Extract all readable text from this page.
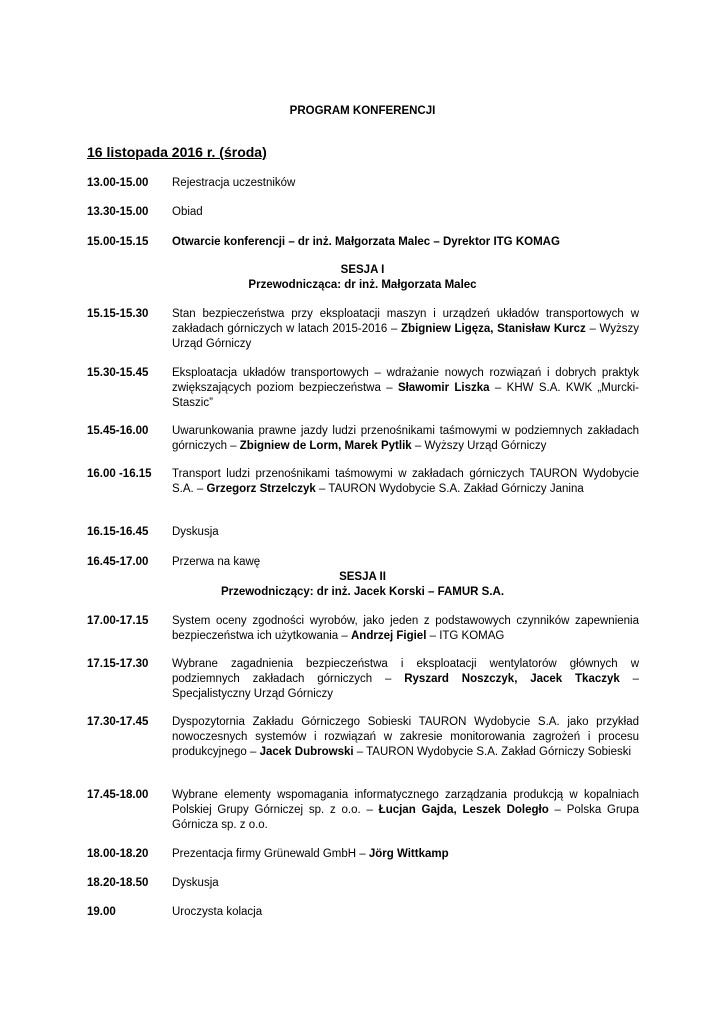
PROGRAM KONFERENCJI
16 listopada 2016 r. (środa)
SESJA I
Przewodnicząca: dr inż. Małgorzata Malec
SESJA II
Przewodniczący: dr inż. Jacek Korski – FAMUR S.A.
13.00-15.00	Rejestracja uczestników
13.30-15.00	Obiad
15.00-15.15	Otwarcie konferencji – dr inż. Małgorzata Malec – Dyrektor ITG KOMAG
15.15-15.30	Stan bezpieczeństwa przy eksploatacji maszyn i urządzeń układów transportowych w zakładach górniczych w latach 2015-2016 – Zbigniew Ligęza, Stanisław Kurcz – Wyższy Urząd Górniczy
15.30-15.45	Eksploatacja układów transportowych – wdrażanie nowych rozwiązań i dobrych praktyk zwiększających poziom bezpieczeństwa – Sławomir Liszka – KHW S.A. KWK „Murcki-Staszic”
15.45-16.00	Uwarunkowania prawne jazdy ludzi przenośnikami taśmowymi w podziemnych zakładach górniczych – Zbigniew de Lorm, Marek Pytlik – Wyższy Urząd Górniczy
16.00 -16.15	Transport ludzi przenośnikami taśmowymi w zakładach górniczych TAURON Wydobycie S.A. – Grzegorz Strzelczyk – TAURON Wydobycie S.A. Zakład Górniczy Janina
16.15-16.45	Dyskusja
16.45-17.00	Przerwa na kawę
17.00-17.15	System oceny zgodności wyrobów, jako jeden z podstawowych czynników zapewnienia bezpieczeństwa ich użytkowania – Andrzej Figiel – ITG KOMAG
17.15-17.30	Wybrane zagadnienia bezpieczeństwa i eksploatacji wentylatorów głównych w podziemnych zakładach górniczych – Ryszard Noszczyk, Jacek Tkaczyk – Specjalistyczny Urząd Górniczy
17.30-17.45	Dyspozytornia Zakładu Górniczego Sobieski TAURON Wydobycie S.A. jako przykład nowoczesnych systemów i rozwiązań w zakresie monitorowania zagrożeń i procesu produkcyjnego – Jacek Dubrowski – TAURON Wydobycie S.A. Zakład Górniczy Sobieski
17.45-18.00	Wybrane elementy wspomagania informatycznego zarządzania produkcją w kopalniach Polskiej Grupy Górniczej sp. z o.o. – Łucjan Gajda, Leszek Doległo – Polska Grupa Górnicza sp. z o.o.
18.00-18.20	Prezentacja firmy Grünewald GmbH – Jörg Wittkamp
18.20-18.50	Dyskusja
19.00	Uroczysta kolacja
